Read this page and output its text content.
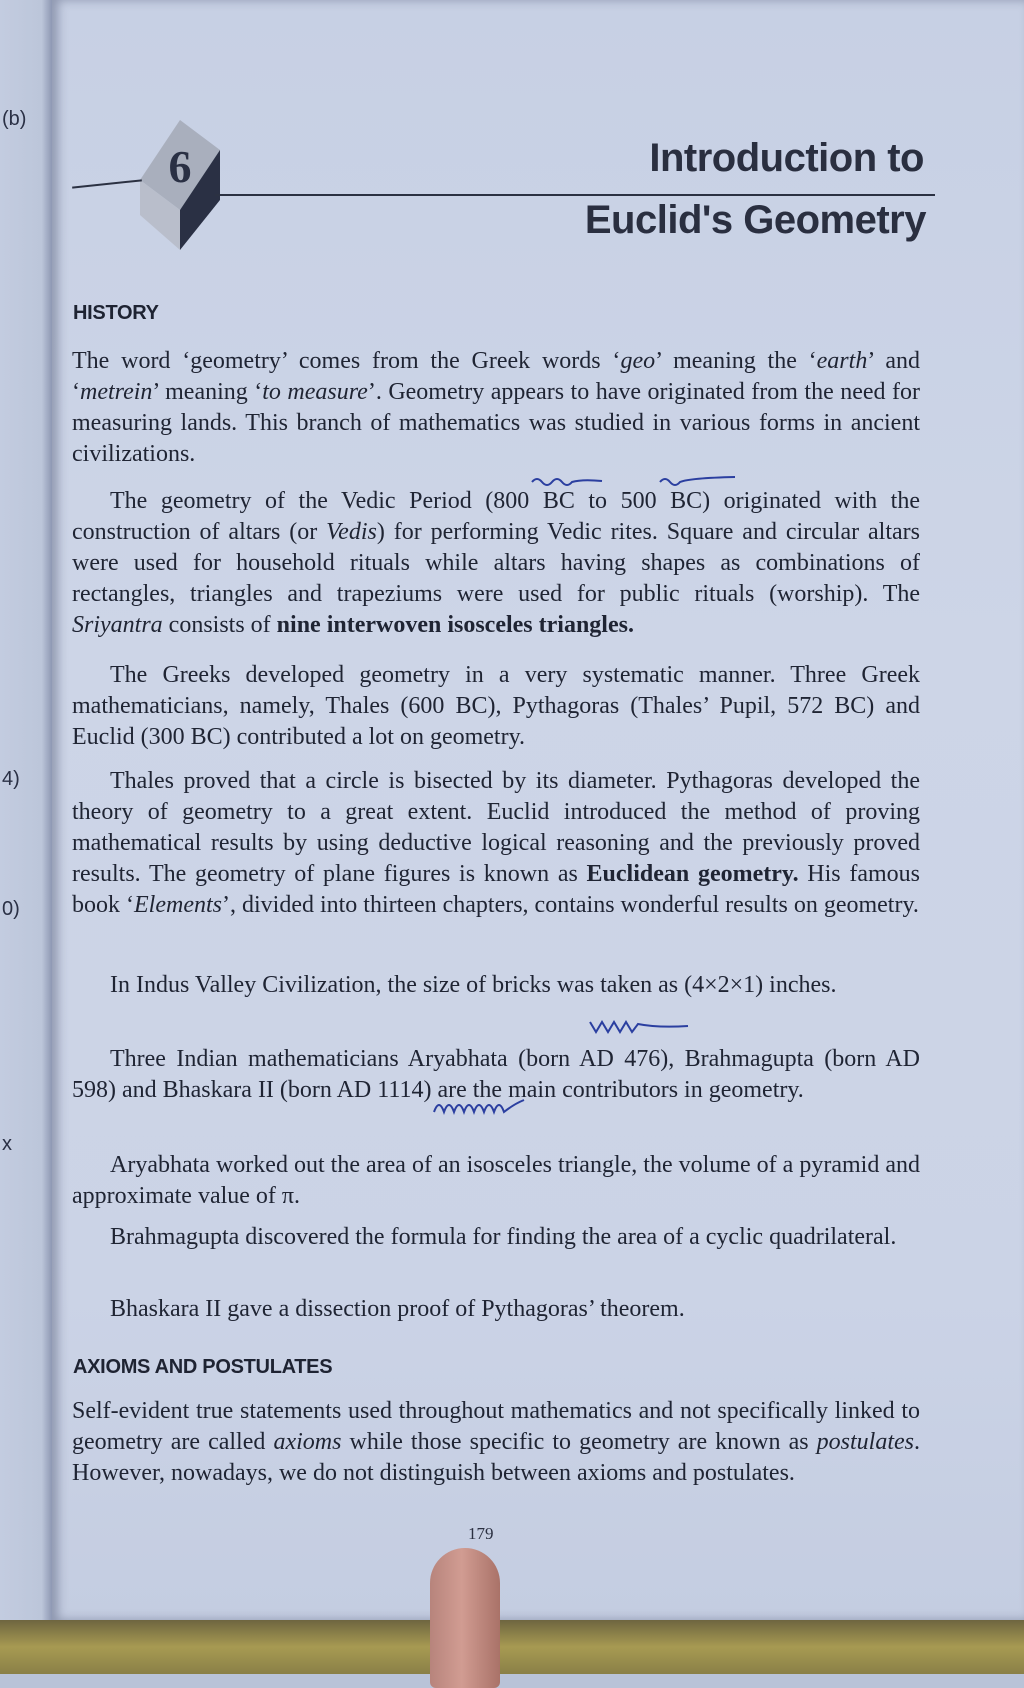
(b)
4)
0)
x
6	Introduction to
Euclid's Geometry
HISTORY
The word ‘geometry’ comes from the Greek words ‘geo’ meaning the ‘earth’ and ‘metrein’ meaning ‘to measure’. Geometry appears to have originated from the need for measuring lands. This branch of mathematics was studied in various forms in ancient civilizations.
The geometry of the Vedic Period (800 BC to 500 BC) originated with the construction of altars (or Vedis) for performing Vedic rites. Square and circular altars were used for household rituals while altars having shapes as combinations of rectangles, triangles and trapeziums were used for public rituals (worship). The Sriyantra consists of nine interwoven isosceles triangles.
The Greeks developed geometry in a very systematic manner. Three Greek mathematicians, namely, Thales (600 BC), Pythagoras (Thales’ Pupil, 572 BC) and Euclid (300 BC) contributed a lot on geometry.
Thales proved that a circle is bisected by its diameter. Pythagoras developed the theory of geometry to a great extent. Euclid introduced the method of proving mathematical results by using deductive logical reasoning and the previously proved results. The geometry of plane figures is known as Euclidean geometry. His famous book ‘Elements’, divided into thirteen chapters, contains wonderful results on geometry.
In Indus Valley Civilization, the size of bricks was taken as (4×2×1) inches.
Three Indian mathematicians Aryabhata (born AD 476), Brahmagupta (born AD 598) and Bhaskara II (born AD 1114) are the main contributors in geometry.
Aryabhata worked out the area of an isosceles triangle, the volume of a pyramid and approximate value of π.
Brahmagupta discovered the formula for finding the area of a cyclic quadrilateral.
Bhaskara II gave a dissection proof of Pythagoras’ theorem.
AXIOMS AND POSTULATES
Self-evident true statements used throughout mathematics and not specifically linked to geometry are called axioms while those specific to geometry are known as postulates. However, nowadays, we do not distinguish between axioms and postulates.
179
